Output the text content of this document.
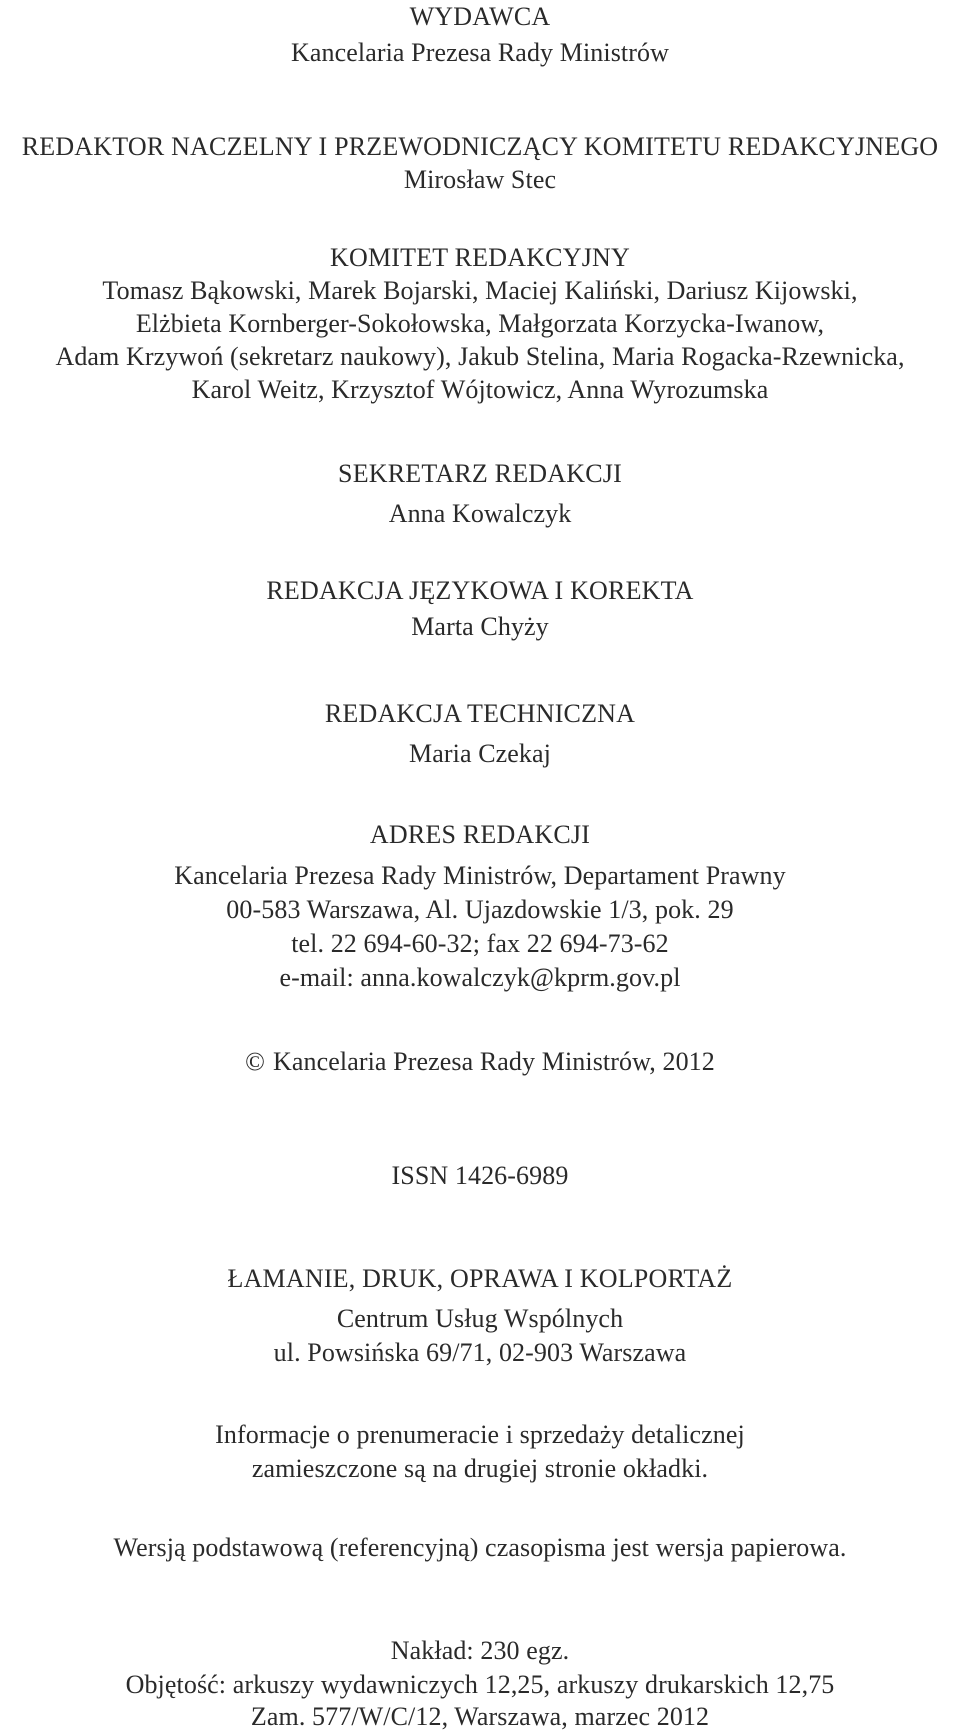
WYDAWCA
Kancelaria Prezesa Rady Ministrów
REDAKTOR NACZELNY I PRZEWODNICZĄCY KOMITETU REDAKCYJNEGO
Mirosław Stec
KOMITET REDAKCYJNY
Tomasz Bąkowski, Marek Bojarski, Maciej Kaliński, Dariusz Kijowski,
Elżbieta Kornberger-Sokołowska, Małgorzata Korzycka-Iwanow,
Adam Krzywoń (sekretarz naukowy), Jakub Stelina, Maria Rogacka-Rzewnicka,
Karol Weitz, Krzysztof Wójtowicz, Anna Wyrozumska
SEKRETARZ REDAKCJI
Anna Kowalczyk
REDAKCJA JĘZYKOWA I KOREKTA
Marta Chyży
REDAKCJA TECHNICZNA
Maria Czekaj
ADRES REDAKCJI
Kancelaria Prezesa Rady Ministrów, Departament Prawny
00-583 Warszawa, Al. Ujazdowskie 1/3, pok. 29
tel. 22 694-60-32; fax 22 694-73-62
e-mail: anna.kowalczyk@kprm.gov.pl
© Kancelaria Prezesa Rady Ministrów, 2012
ISSN 1426-6989
ŁAMANIE, DRUK, OPRAWA I KOLPORTAŻ
Centrum Usług Wspólnych
ul. Powsińska 69/71, 02-903 Warszawa
Informacje o prenumeracie i sprzedaży detalicznej
zamieszczone są na drugiej stronie okładki.
Wersją podstawową (referencyjną) czasopisma jest wersja papierowa.
Nakład: 230 egz.
Objętość: arkuszy wydawniczych 12,25, arkuszy drukarskich 12,75
Zam. 577/W/C/12, Warszawa, marzec 2012
